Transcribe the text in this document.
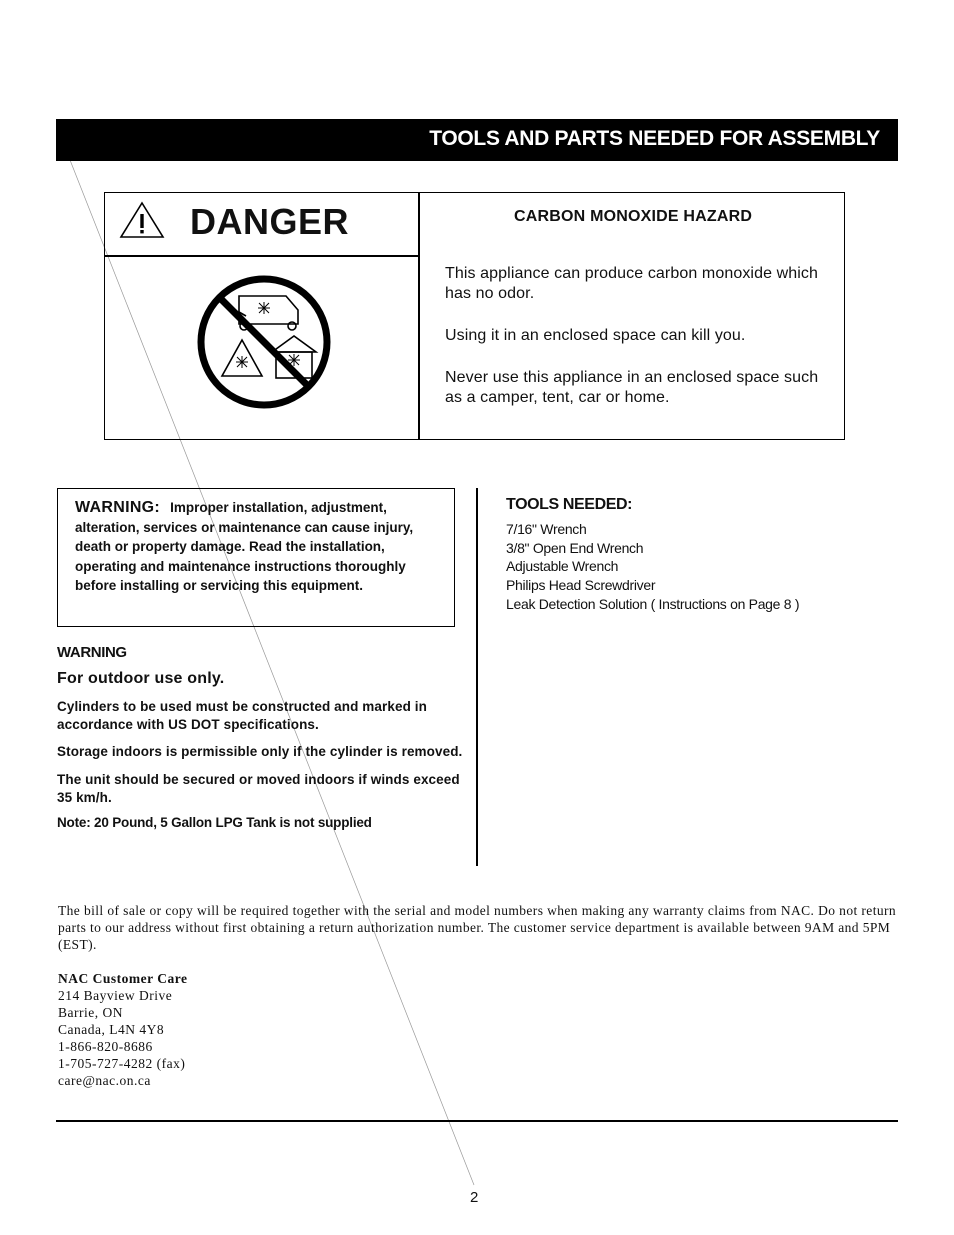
TOOLS AND PARTS NEEDED FOR ASSEMBLY
DANGER	CARBON MONOXIDE HAZARD
This appliance can produce carbon monoxide which has no odor.
Using it in an enclosed space can kill you.
Never use this appliance in an enclosed space such as a camper, tent, car or home.
WARNING: Improper installation, adjustment, alteration, services or maintenance can cause injury, death or property damage. Read the installation, operating and maintenance instructions thoroughly before installing or servicing this equipment.
WARNING
For outdoor use only.
Cylinders to be used must be constructed and marked in accordance with US DOT specifications.
Storage indoors is permissible only if the cylinder is removed.
The unit should be secured or moved indoors if winds exceed 35 km/h.
Note: 20 Pound, 5 Gallon LPG Tank is not supplied
TOOLS NEEDED:
7/16" Wrench
3/8" Open End Wrench
Adjustable Wrench
Philips Head Screwdriver
Leak Detection Solution ( Instructions on Page 8 )
The bill of sale or copy will be required together with the serial and model numbers when making any warranty claims from NAC. Do not return parts to our address without first obtaining a return authorization number. The customer service department is available between 9AM and 5PM (EST).
NAC Customer Care
214 Bayview Drive
Barrie, ON
Canada, L4N 4Y8
1-866-820-8686
1-705-727-4282 (fax)
care@nac.on.ca
2
